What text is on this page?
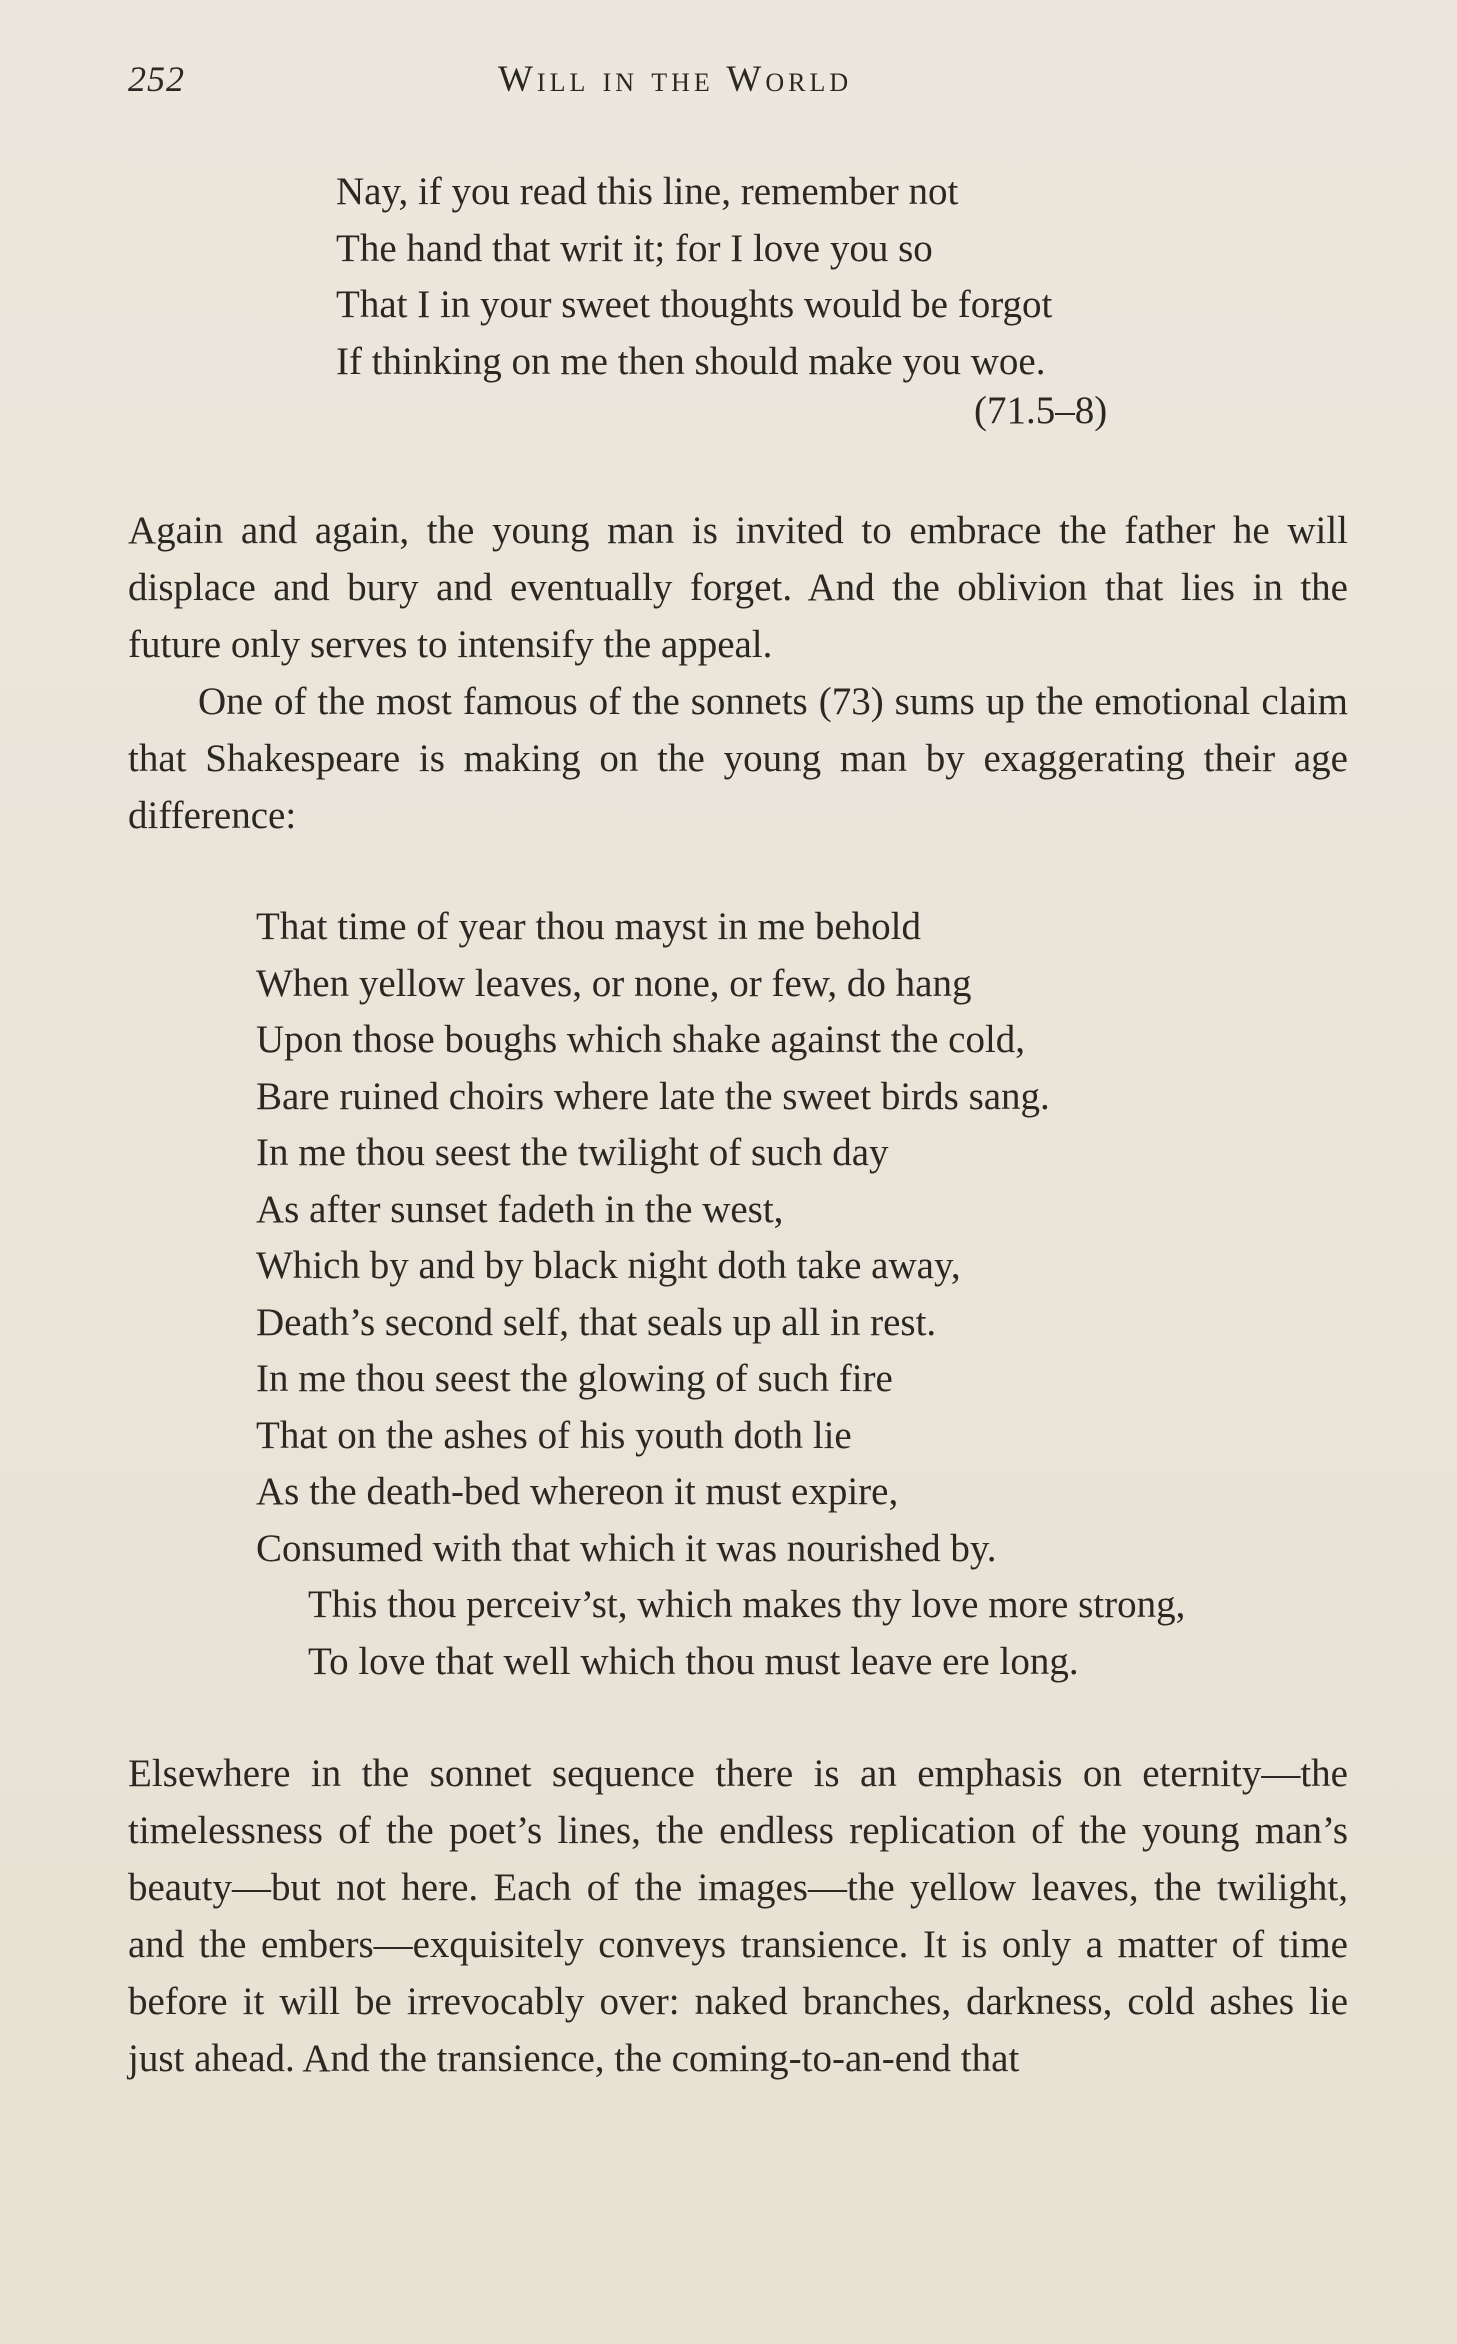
252	Will in the World
Nay, if you read this line, remember not
The hand that writ it; for I love you so
That I in your sweet thoughts would be forgot
If thinking on me then should make you woe.
(71.5–8)

Again and again, the young man is invited to embrace the father he will displace and bury and eventually forget. And the oblivion that lies in the future only serves to intensify the appeal.

One of the most famous of the sonnets (73) sums up the emotional claim that Shakespeare is making on the young man by exaggerating their age difference:

That time of year thou mayst in me behold
When yellow leaves, or none, or few, do hang
Upon those boughs which shake against the cold,
Bare ruined choirs where late the sweet birds sang.
In me thou seest the twilight of such day
As after sunset fadeth in the west,
Which by and by black night doth take away,
Death’s second self, that seals up all in rest.
In me thou seest the glowing of such fire
That on the ashes of his youth doth lie
As the death-bed whereon it must expire,
Consumed with that which it was nourished by.
This thou perceiv’st, which makes thy love more strong,
To love that well which thou must leave ere long.

Elsewhere in the sonnet sequence there is an emphasis on eternity—the timelessness of the poet’s lines, the endless replication of the young man’s beauty—but not here. Each of the images—the yellow leaves, the twilight, and the embers—exquisitely conveys transience. It is only a matter of time before it will be irrevocably over: naked branches, darkness, cold ashes lie just ahead. And the transience, the coming-to-an-end that
